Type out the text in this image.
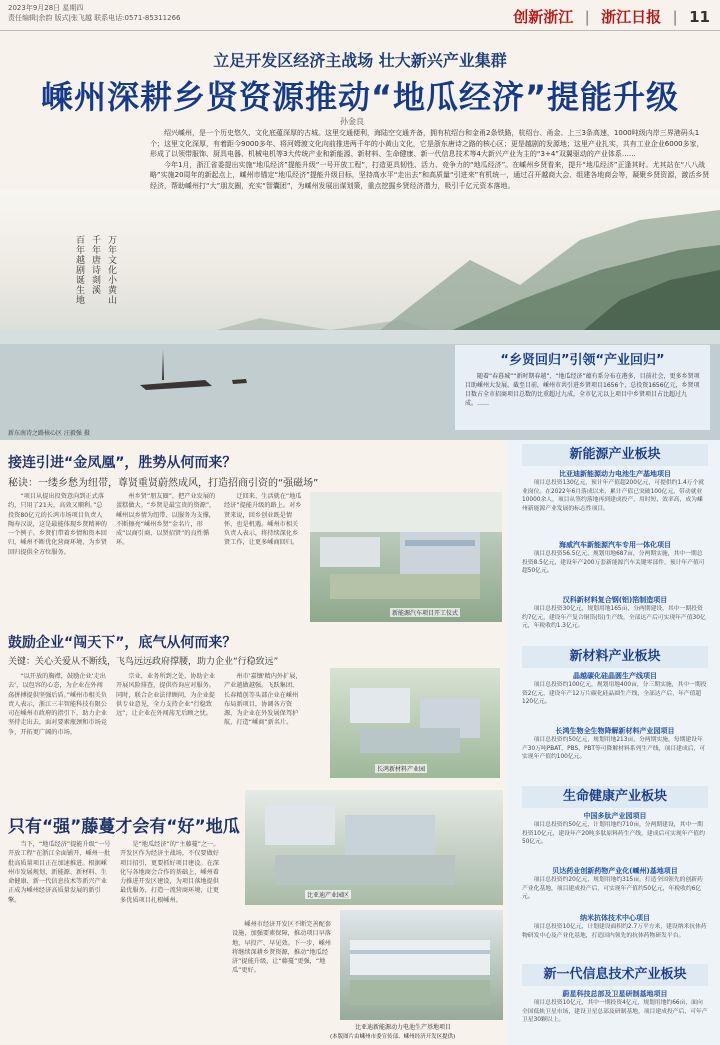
2023年9月28日 星期四
责任编辑|余韵 版式|张飞越 联系电话:0571-85311266	创新浙江 | 浙江日报 | 11
立足开发区经济主战场 壮大新兴产业集群
嵊州深耕乡贤资源推动“地瓜经济”提能升级
孙金良
绍兴嵊州，是一个历史悠久、文化底蕴深厚的古城。这里交通便利，海陆空交通齐备，拥有杭绍台和金甬2条铁路，杭绍台、甬金、上三3条高速，1000吨级内岸三界港码头1个；这里文化深厚，有着距今9000多年、将河姆渡文化向前推进两千年的小黄山文化，它是浙东唐诗之路的核心区；更是越剧的发源地；这里产业扎实，共有工业企业6000多家，形成了以领带服饰、厨具电器、机械电机等3大传统产业和新能源、新材料、生命健康、新一代信息技术等4大新兴产业为主的“3+4”双翼驱动的产业体系……
今年1月，浙江省委提出实施“地瓜经济”提能升级“一号开放工程”，打造更具韧性、活力、竞争力的“地瓜经济”。在嵊州乡贤看来，提升“地瓜经济”正逢其时。尤其站在“八八战略”实施20周年的新起点上，嵊州市锚定“地瓜经济”提能升级目标，坚持高水平“走出去”和高质量“引进来”有机统一，通过召开越商大会、组建各地商会等，凝聚乡贤资源，激活乡贤经济，帮助嵊州打“大”朋友圈，充实“智囊团”，为嵊州发展出谋划策，重点挖掘乡贤经济潜力，吸引千亿元资本落地。
万年文化小黄山
千年唐诗剡溪
百年越剧诞生地
新东南诗之路核心区 汪毅强 摄
“乡贤回归”引领“产业回归”
随着“春暮城”“新时期春越”、“地瓜经济”蕴有系分布在港多，目前社会，更多乡贤项目助嵊州大发展。截至目前，嵊州市共引进乡贤项目1656个，总投资1656亿元，乡贤项目数占全市招商项目总数的比重超过九成，全市亿元以上项目中乡贤项目占比超过九成。……
接连引进“金凤凰”，胜势从何而来？
秘诀：一缕乡愁为纽带，尊贤重贤蔚然成风，打造招商引资的“强磁场”
“项目从提出投资意向到正式落约，只用了21天，高效又顺利。”总投资80亿元的长鸿市场项目负责人陶寿汉说，这是最能体现乡贤精神的一个例子。乡贤们带着乡情和资本回归，嵊州不断优化营商环境，为乡贤回归提供全方位服务。
州乡贤“朋友圈”，把产业发展的蛋糕做大。“乡贤是最宝贵的资源”，嵊州以乡情为纽带、以服务为支撑，不断擦亮“嵊州乡贤”金名片，形成“以商引商、以贤招贤”的良性循环。
迁回来、生活就在“地瓜经济”提能升级的路上。对乡贤来说，回乡创业既是情怀，也是机遇。嵊州市相关负责人表示，将持续深化乡贤工作，让更多嵊商回归。
新能源汽车项目开工仪式
鼓励企业“闯天下”，底气从何而来？
关键：关心关爱从不断线，飞鸟远远政府撑腰，助力企业“行稳致远”
“以开放的胸襟，鼓励企业‘走出去’，以包容的心态，为企业在外闯荡拼搏提供坚强后盾。”嵊州市相关负责人表示，浙江三丰智能科技有限公司在嵊州市政府的指引下，助力企业坚持走出去，面对要素瓶颈和市场竞争，开拓更广阔的市场。
宗业，业务所到之处，协助企业开展风险排查，提供咨询应对服务。同时，联合企业法律顾问，为企业提供专业意见，全力支持企业“行稳致远”，让企业在外闯荡无后顾之忧。
州市'嘉镶'精内外扩展，产业越做越强。飞跃集团、长春精创等头部企业在嵊州布局新项目，协调各方资源，为企业在外发展保驾护航，打造“嵊商”新名片。
长鸿新材料产业园
只有“强”藤蔓才会有“好”地瓜
当下，“地瓜经济”提能升级“一号开放工程”在浙江全面铺开，嵊州一批批高质量项目正在加速推进。根据嵊州市发展规划，新能源、新材料、生命健康、新一代信息技术等新兴产业正成为嵊州经济高质量发展的新引擎。
是“地瓜经济”的“主藤蔓”之一。开发区作为经济主战场，不仅要做好项目招引，更要抓好项目建设。在深化与各地商会合作的基础上，嵊州着力推进开发区建设，为项目落地提供最优服务，打造一流营商环境，让更多优质项目扎根嵊州。
嵊州市经济开发区不断完善配套设施，加强要素保障，推动项目早落地、早投产、早见效。下一步，嵊州将继续深耕乡贤资源，推动“地瓜经济”提能升级，让“藤蔓”更强，“地瓜”更好。
比亚迪产业园区
比亚迪新能源动力电池生产基地项目
(本版图片由嵊州市委宣传部、嵊州经济开发区提供)
新能源产业板块
比亚迪新能源动力电池生产基地项目
项目总投资130亿元，预计年产值超200亿元，可提供约1.4万个就业岗位。在2022年6月落成以来，累计产值已突破100亿元，带动就业10000余人，项目从签约落地再到建成投产，用时短、效率高，成为嵊州新能源产业发展的标志性项目。
海威汽车新能源汽车专用一体化项目
项目总投资56.5亿元，规划用地687亩，分两期实施，其中一期总投资8.5亿元，建设年产200万套新能源汽车关键零部件，预计年产值可超50亿元。
汉科新材料复合钢(铝)箔制造项目
项目总投资30亿元，规划用地165亩，分两期建设，其中一期投资约7亿元，建设年产复合铜箔(铝)生产线，全部达产后可实现年产值30亿元，年税收约1.3亿元。
新材料产业板块
晶越碳化硅晶圆生产线项目
项目总投资约100亿元，规划用地400亩，分三期实施，其中一期投资2亿元，建设年产12万片碳化硅晶圆生产线，全部达产后，年产值超120亿元。
长鸿生物全生物降解新材料产业园项目
项目总投资约50亿元，规划用地213亩，分两期实施，每期建设年产30万吨PBAT、PBS、PBT等可降解材料系列生产线，项目建成后，可实现年产值约100亿元。
生命健康产业板块
中国多肽产业园项目
项目总投资约50亿元，计划用地约710亩，分两期建设，其中一期投资10亿元，建设年产20吨多肽原料药生产线，建成后可实现年产值约50亿元。
贝达药业创新药物产业化(嵊州)基地项目
项目总投资约20亿元，规划用地约315亩，打造全国领先的创新药产业化基地，项目建成投产后，可实现年产值约50亿元，年税收约6亿元。
纳米抗体技术中心项目
项目总投资10亿元，计划建设面积约2.7万平方米，建设纳米抗体药物研发中心及产业化基地，打造国内领先的抗体药物研发平台。
新一代信息技术产业板块
蔚星科技总部及卫星研制基地项目
项目总投资10亿元，其中一期投资4亿元，规划用地约66亩，面向全国低轨卫星市场，建设卫星总部及研制基地，项目建成投产后，可年产卫星30颗以上。
